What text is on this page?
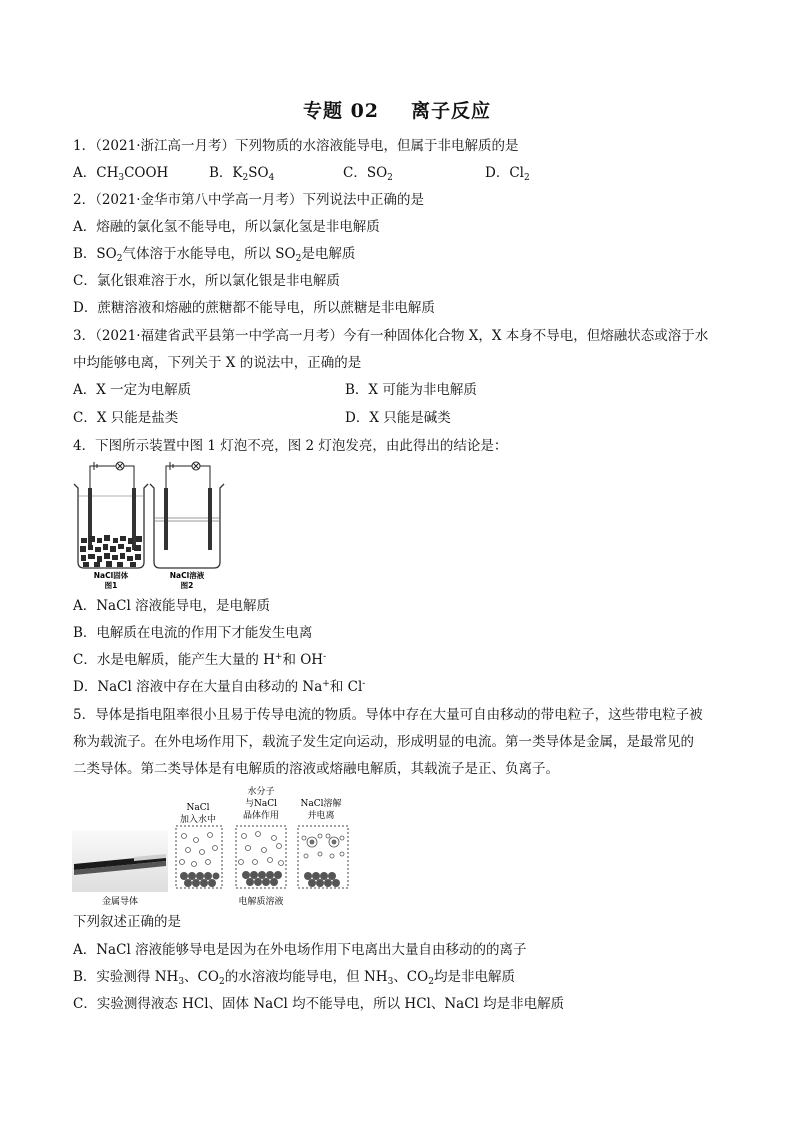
专题 02 离子反应
1．（2021·浙江高一月考）下列物质的水溶液能导电，但属于非电解质的是
A．$CH_3COOH$	B．$K_2SO_4$	C．$SO_2$	D．$Cl_2$
2．（2021·金华市第八中学高一月考）下列说法中正确的是
A．熔融的氯化氢不能导电，所以氯化氢是非电解质
B．$SO_2$气体溶于水能导电，所以 $SO_2$是电解质
C．氯化银难溶于水，所以氯化银是非电解质
D．蔗糖溶液和熔融的蔗糖都不能导电，所以蔗糖是非电解质
3．（2021·福建省武平县第一中学高一月考）今有一种固体化合物 X，X 本身不导电，但熔融状态或溶于水
中均能够电离，下列关于 X 的说法中，正确的是
A．X 一定为电解质	B．X 可能为非电解质
C．X 只能是盐类	D．X 只能是碱类
4．下图所示装置中图 1 灯泡不亮，图 2 灯泡发亮，由此得出的结论是：
NaCl固体
图1
NaCl溶液
图2
A．NaCl 溶液能导电，是电解质
B．电解质在电流的作用下才能发生电离
C．水是电解质，能产生大量的 H+和 OH-
D．NaCl 溶液中存在大量自由移动的 Na+和 Cl-
5．导体是指电阻率很小且易于传导电流的物质。导体中存在大量可自由移动的带电粒子，这些带电粒子被
称为载流子。在外电场作用下，载流子发生定向运动，形成明显的电流。第一类导体是金属，是最常见的
二类导体。第二类导体是有电解质的溶液或熔融电解质，其载流子是正、负离子。
金属导体
NaCl
加入水中
水分子
与NaCl
晶体作用
NaCl溶解
并电离
电解质溶液
下列叙述正确的是
A．NaCl 溶液能够导电是因为在外电场作用下电离出大量自由移动的的离子
B．实验测得 $NH_3$、$CO_2$的水溶液均能导电，但 $NH_3$、$CO_2$均是非电解质
C．实验测得液态 HCl、固体 NaCl 均不能导电，所以 HCl、NaCl 均是非电解质
